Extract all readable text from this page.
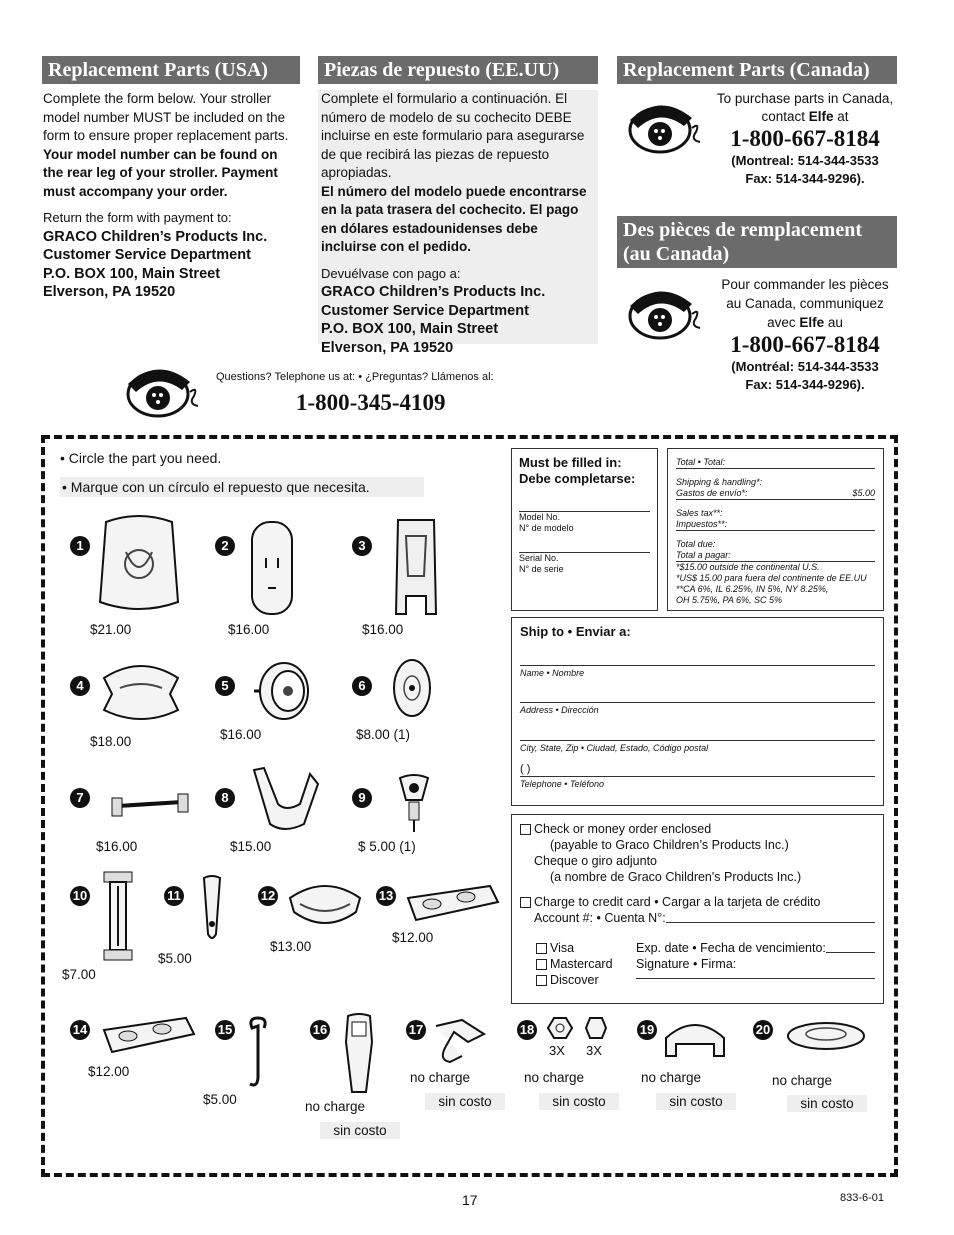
Replacement Parts (USA)	Piezas de repuesto (EE.UU)	Replacement Parts (Canada)
Complete the form below. Your stroller model number MUST be included on the form to ensure proper replacement parts.
Your model number can be found on the rear leg of your stroller. Payment must accompany your order.
Return the form with payment to:
GRACO Children’s Products Inc.
Customer Service Department
P.O. BOX 100, Main Street
Elverson, PA 19520
Complete el formulario a continuación. El número de modelo de su cochecito DEBE incluirse en este formulario para asegurarse de que recibirá las piezas de repuesto apropiadas.
El número del modelo puede encontrarse en la pata trasera del cochecito. El pago en dólares estadounidenses debe incluirse con el pedido.
Devuélvase con pago a:
GRACO Children’s Products Inc.
Customer Service Department
P.O. BOX 100, Main Street
Elverson, PA 19520
To purchase parts in Canada,
contact Elfe at
1-800-667-8184
(Montreal: 514-344-3533
Fax: 514-344-9296).
Des pièces de remplacement (au Canada)
Pour commander les pièces
au Canada, communiquez
avec Elfe au
1-800-667-8184
(Montréal: 514-344-3533
Fax: 514-344-9296).
Questions? Telephone us at: • ¿Preguntas? Llámenos al:
1-800-345-4109
• Circle the part you need.
• Marque con un círculo el repuesto que necesita.
Must be filled in:
Debe completarse:
Model No.
N° de modelo
Serial No.
N° de serie
Total • Total:
Shipping & handling*:
Gastos de envío*:	$5.00
Sales tax**:
Impuestos**:
Total due:
Total a pagar:
*$15.00 outside the continental U.S.
*US$ 15.00 para fuera del continente de EE.UU
**CA 6%, IL 6.25%, IN 5%, NY 8.25%,
OH 5.75%, PA 6%, SC 5%
Ship to • Enviar a:
Name • Nombre
Address • Dirección
City, State, Zip • Ciudad, Estado, Código postal
( )
Telephone • Teléfono
Check or money order enclosed
(payable to Graco Children’s Products Inc.)
Cheque o giro adjunto
(a nombre de Graco Children's Products Inc.)
Charge to credit card • Cargar a la tarjeta de crédito
Account #: • Cuenta N°:
Visa
Mastercard
Discover
Exp. date • Fecha de vencimiento:
Signature • Firma:
1
$21.00
2
$16.00
3
$16.00
4
$18.00
5
$16.00
6
$8.00 (1)
7
$16.00
8
$15.00
9
$ 5.00 (1)
10
$7.00
11
$5.00
12
$13.00
13
$12.00
14
$12.00
15
$5.00
16
no charge
sin costo
17
no charge
sin costo
18
no charge
sin costo
3X 3X
19
no charge
sin costo
20
no charge
sin costo
17	833-6-01
